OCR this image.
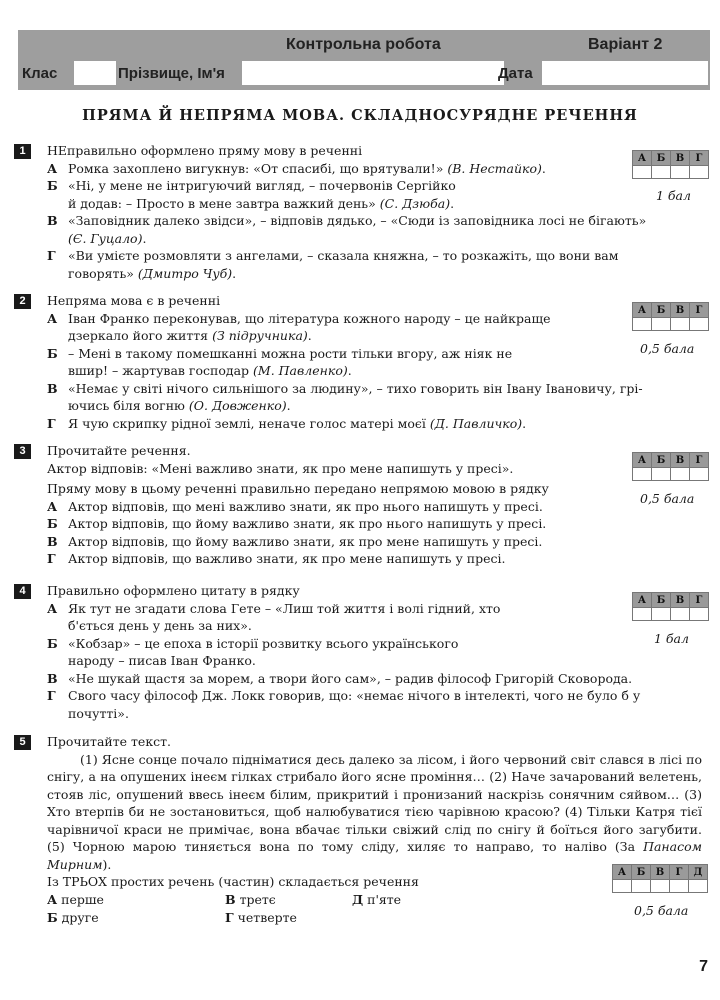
Контрольна робота	Варіант 2
Клас	Прізвище, Ім'я	Дата
ПРЯМА Й НЕПРЯМА МОВА. СКЛАДНОСУРЯДНЕ РЕЧЕННЯ
1	НЕправильно оформлено пряму мову в реченні
А Ромка захоплено вигукнув: «От спасибі, що врятували!» (В. Нестайко).
Б «Ні, у мене не інтригуючий вигляд, – почервонів Сергійко
й додав: – Просто в мене завтра важкий день» (С. Дзюба).
В «Заповідник далеко звідси», – відповів дядько, – «Сюди із заповідника лосі не бігають»
(Є. Гуцало).
Г «Ви умієте розмовляти з ангелами, – сказала княжна, – то розкажіть, що вони вам
говорять» (Дмитро Чуб).
А	Б	В	Г

1 бал
2	Непряма мова є в реченні
А Іван Франко переконував, що література кожного народу – це найкраще
дзеркало його життя (З підручника).
Б – Мені в такому помешканні можна рости тільки вгору, аж ніяк не
вшир! – жартував господар (М. Павленко).
В «Немає у світі нічого сильнішого за людину», – тихо говорить він Івану Івановичу, грі-
ючись біля вогню (О. Довженко).
Г Я чую скрипку рідної землі, неначе голос матері моєї (Д. Павличко).
А	Б	В	Г

0,5 бала
3	Прочитайте речення.
Актор відповів: «Мені важливо знати, як про мене напишуть у пресі».
Пряму мову в цьому реченні правильно передано непрямою мовою в рядку
А Актор відповів, що мені важливо знати, як про нього напишуть у пресі.
Б Актор відповів, що йому важливо знати, як про нього напишуть у пресі.
В Актор відповів, що йому важливо знати, як про мене напишуть у пресі.
Г Актор відповів, що важливо знати, як про мене напишуть у пресі.
А	Б	В	Г

0,5 бала
4	Правильно оформлено цитату в рядку
А Як тут не згадати слова Гете – «Лиш той життя і волі гідний, хто
б'ється день у день за них».
Б «Кобзар» – це епоха в історії розвитку всього українського
народу – писав Іван Франко.
В «Не шукай щастя за морем, а твори його сам», – радив філософ Григорій Сковорода.
Г Свого часу філософ Дж. Локк говорив, що: «немає нічого в інтелекті, чого не було б у
почутті».
А	Б	В	Г

1 бал
5	Прочитайте текст.
(1) Ясне сонце почало підніматися десь далеко за лісом, і його червоний світ слався в лісі по снігу, а на опушених інеєм гілках стрибало його ясне проміння… (2) Наче зачарований велетень, стояв ліс, опушений ввесь інеєм білим, прикритий і пронизаний наскрізь сонячним сяйвом… (3) Хто втерпів би не зостановиться, щоб налюбуватися тією чарівною красою? (4) Тільки Катря тієї чарівничої краси не примічає, вона вбачає тільки свіжий слід по снігу й боїться його загубити. (5) Чорною марою тиняється вона по тому сліду, хиляє то направо, то наліво (За Панасом Мирним).
Із ТРЬОХ простих речень (частин) складається речення
А перше	В третє	Д п'яте
Б друге	Г четверте
А	Б	В	Г	Д

0,5 бала
7
